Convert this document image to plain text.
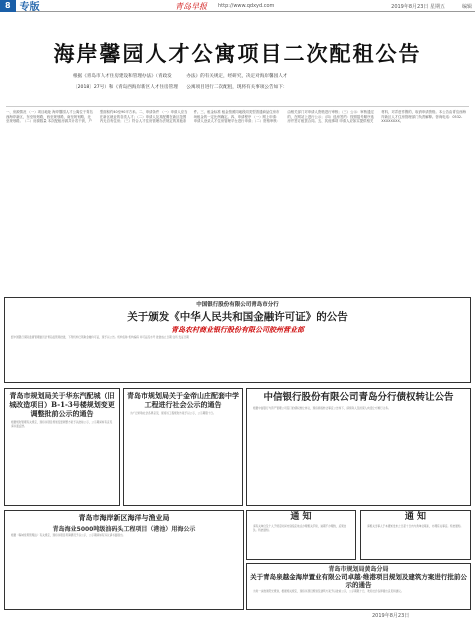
8 专版	青岛早报 http://www.qdxyd.com	2019年8月23日 星期五	编辑
海岸馨园人才公寓项目二次配租公告
根据《青岛市人才住房建设和管理办法》（青政发〔2018〕27号）和《青岛西海岸新区人才住房管理办法》的有关规定，经研究，决定对海岸馨园人才公寓项目进行二次配租，现将有关事项公告如下：
一、房源情况 （一）项目地址 海岸馨园人才公寓位于青岛西海岸新区，东至规划路，西至规划路，南至规划路，北至规划路。（二）房源数量 本次配租房源共计若干套，户型面积约40至90平方米。二、申请条件 （一）申请人应当在新区就业的各类人才；（二）申请人及其配偶在新区范围内无自有住房；（三）符合人才住房管理办法规定的其他条件。三、租金标准 租金按照同地段同类型普通商品住房市场租金的一定比例确定。四、申请程序 （一）网上申请：申请人登录人才住房管理平台进行申请；（二）资格审核：由相关部门对申请人资格进行审核；（三）公示：审核通过的，在网站上进行公示；（四）选房签约：按照摇号顺序选房并签订租赁合同。五、其他事项 申请人应如实提供相关材料，对弄虚作假的，取消申请资格。本公告由青岛西海岸新区人才住房管理部门负责解释。咨询电话：0532-XXXXXXXX。
中国银行股份有限公司青岛市分行
关于颁发《中华人民共和国金融许可证》的公告
青岛农村商业银行股份有限公司胶州营业部
经中国银行保险监督管理委员会青岛监管局批准，下列机构已领取金融许可证，现予以公告。机构名称 机构编码 许可证流水号 批准成立日期 住所 发证日期
青岛市规划局关于华东汽配城（旧城改造项目）B-1-3号楼规划变更调整批前公示的通告
根据规划管理有关规定，现将该项目规划变更调整方案予以批前公示，公示期间如有意见请书面反馈。
青岛市规划局关于金帝山庄配套中学工程进行社会公示的通告
为广泛听取社会各界意见，现将该工程规划方案予以公示，公示期限十日。
中信银行股份有限公司青岛分行债权转让公告
根据中信银行与资产管理公司签订的债权转让协议，现将债权转让事宜公告如下，请债务人及担保人向受让方履行义务。
青岛市海岸新区海洋与渔业局
青岛海业5000吨级油码头工程项目（港池）用海公示
根据《海域使用管理法》有关规定，现将该项目用海情况予以公示，公示期间如有异议请书面提出。
通 知
请有关单位及个人于规定时间内到指定地点办理相关手续，逾期不办理的，后果自负。特此通知。
通 知
请相关当事人于本通知发布之日起十日内与我单位联系，办理有关事宜。特此通知。
青岛市规划局黄岛分局
关于青岛泉越金海岸置业有限公司卓越·维港项目规划及建筑方案进行批前公示的通告
为进一步推进阳光规划，根据相关规定，现将该项目规划及建筑方案予以批前公示，公示期限十日，欢迎社会各界提出意见和建议。
2019年8月23日
